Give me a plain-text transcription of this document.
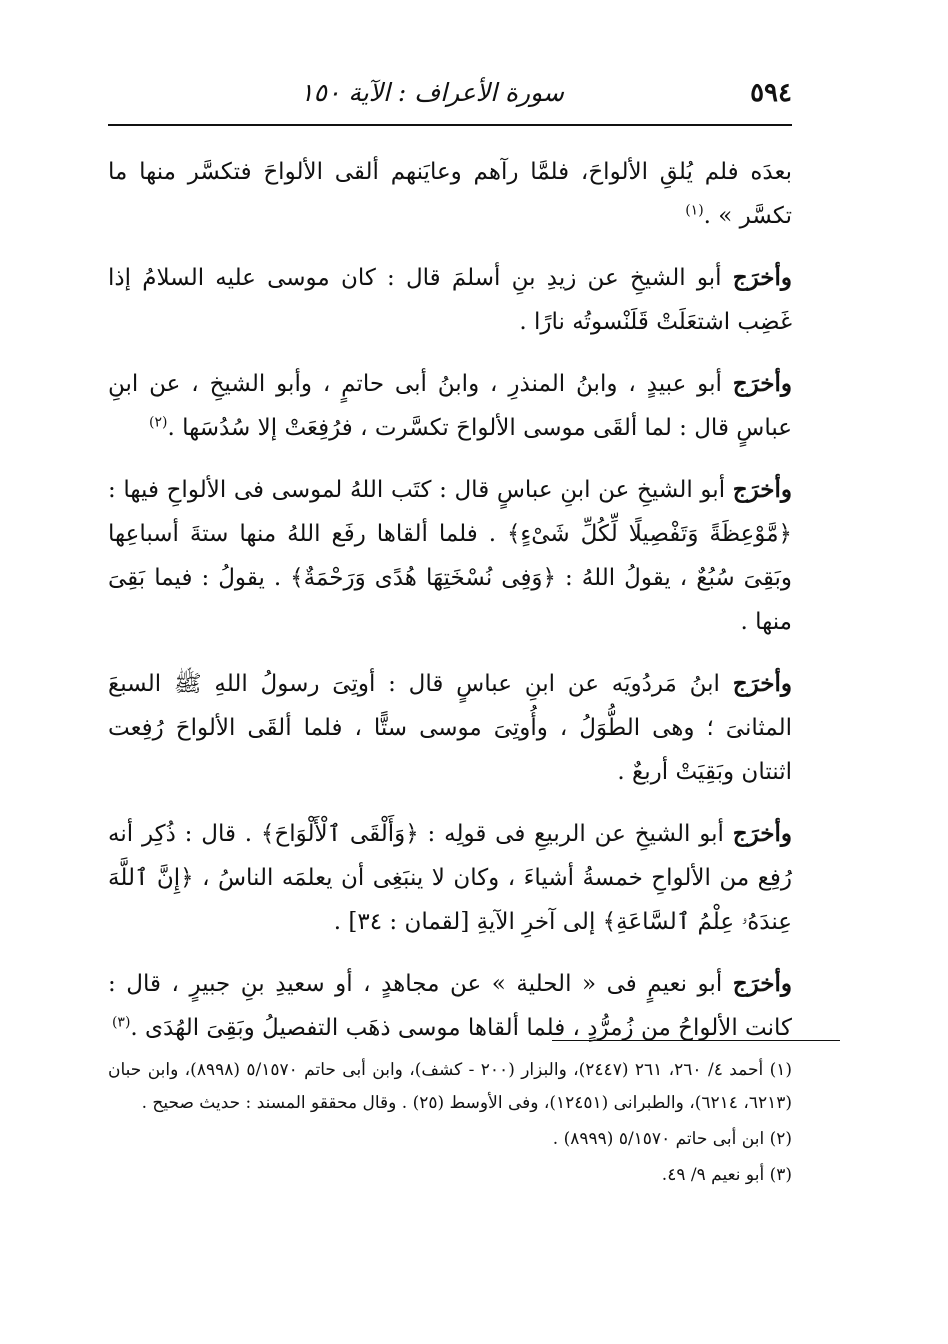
٥٩٤
سورة الأعراف : الآية ١٥٠

بعدَه فلم يُلقِ الألواحَ، فلمَّا رآهم وعايَنهم ألقى الألواحَ فتكسَّر منها ما تكسَّر » .$^{(١)}$

وأخرَج أبو الشيخِ عن زيدِ بنِ أسلمَ قال : كان موسى عليه السلامُ إذا غَضِب اشتعَلَتْ قَلَنْسوتُه نارًا .

وأخرَج أبو عبيدٍ ، وابنُ المنذرِ ، وابنُ أبى حاتمٍ ، وأبو الشيخِ ، عن ابنِ عباسٍ قال : لما ألقَى موسى الألواحَ تكسَّرت ، فرُفِعَتْ إلا سُدُسَها .$^{(٢)}$

وأخرَج أبو الشيخِ عن ابنِ عباسٍ قال : كتَب اللهُ لموسى فى الألواحِ فيها : ﴿مَّوْعِظَةً وَتَفْصِيلًا لِّكُلِّ شَىْءٍ﴾ . فلما ألقاها رفَع اللهُ منها ستةَ أسباعِها وبَقِىَ سُبُعٌ ، يقولُ اللهُ : ﴿وَفِى نُسْخَتِهَا هُدًى وَرَحْمَةٌ﴾ . يقولُ : فيما بَقِىَ منها .

وأخرَج ابنُ مَردُويَه عن ابنِ عباسٍ قال : أوتِىَ رسولُ اللهِ ﷺ السبعَ المثانىَ ؛ وهى الطُّوَلُ ، وأُوتِىَ موسى ستًّا ، فلما ألقَى الألواحَ رُفِعت اثنتان وبَقِيَتْ أربعٌ .

وأخرَج أبو الشيخِ عن الربيعِ فى قولِه : ﴿وَأَلْقَى ٱلْأَلْوَاحَ﴾ . قال : ذُكِر أنه رُفِع من الألواحِ خمسةُ أشياءَ ، وكان لا ينبَغِى أن يعلمَه الناسُ ، ﴿إِنَّ ٱللَّهَ عِندَهُۥ عِلْمُ ٱلسَّاعَةِ﴾ إلى آخرِ الآيةِ [لقمان : ٣٤] .

وأخرَج أبو نعيمٍ فى « الحلية » عن مجاهدٍ ، أو سعيدِ بنِ جبيرٍ ، قال : كانت الألواحُ من زُمرُّدٍ ، فلما ألقاها موسى ذهَب التفصيلُ وبَقِىَ الهُدَى .$^{(٣)}$

(١) أحمد ٤/ ٢٦٠، ٢٦١ (٢٤٤٧)، والبزار (٢٠٠ - كشف)، وابن أبى حاتم ٥/١٥٧٠ (٨٩٩٨)، وابن حبان (٦٢١٣، ٦٢١٤)، والطبرانى (١٢٤٥١)، وفى الأوسط (٢٥) . وقال محققو المسند : حديث صحيح .

(٢) ابن أبى حاتم ٥/١٥٧٠ (٨٩٩٩) .

(٣) أبو نعيم ٩/ ٤٩.
